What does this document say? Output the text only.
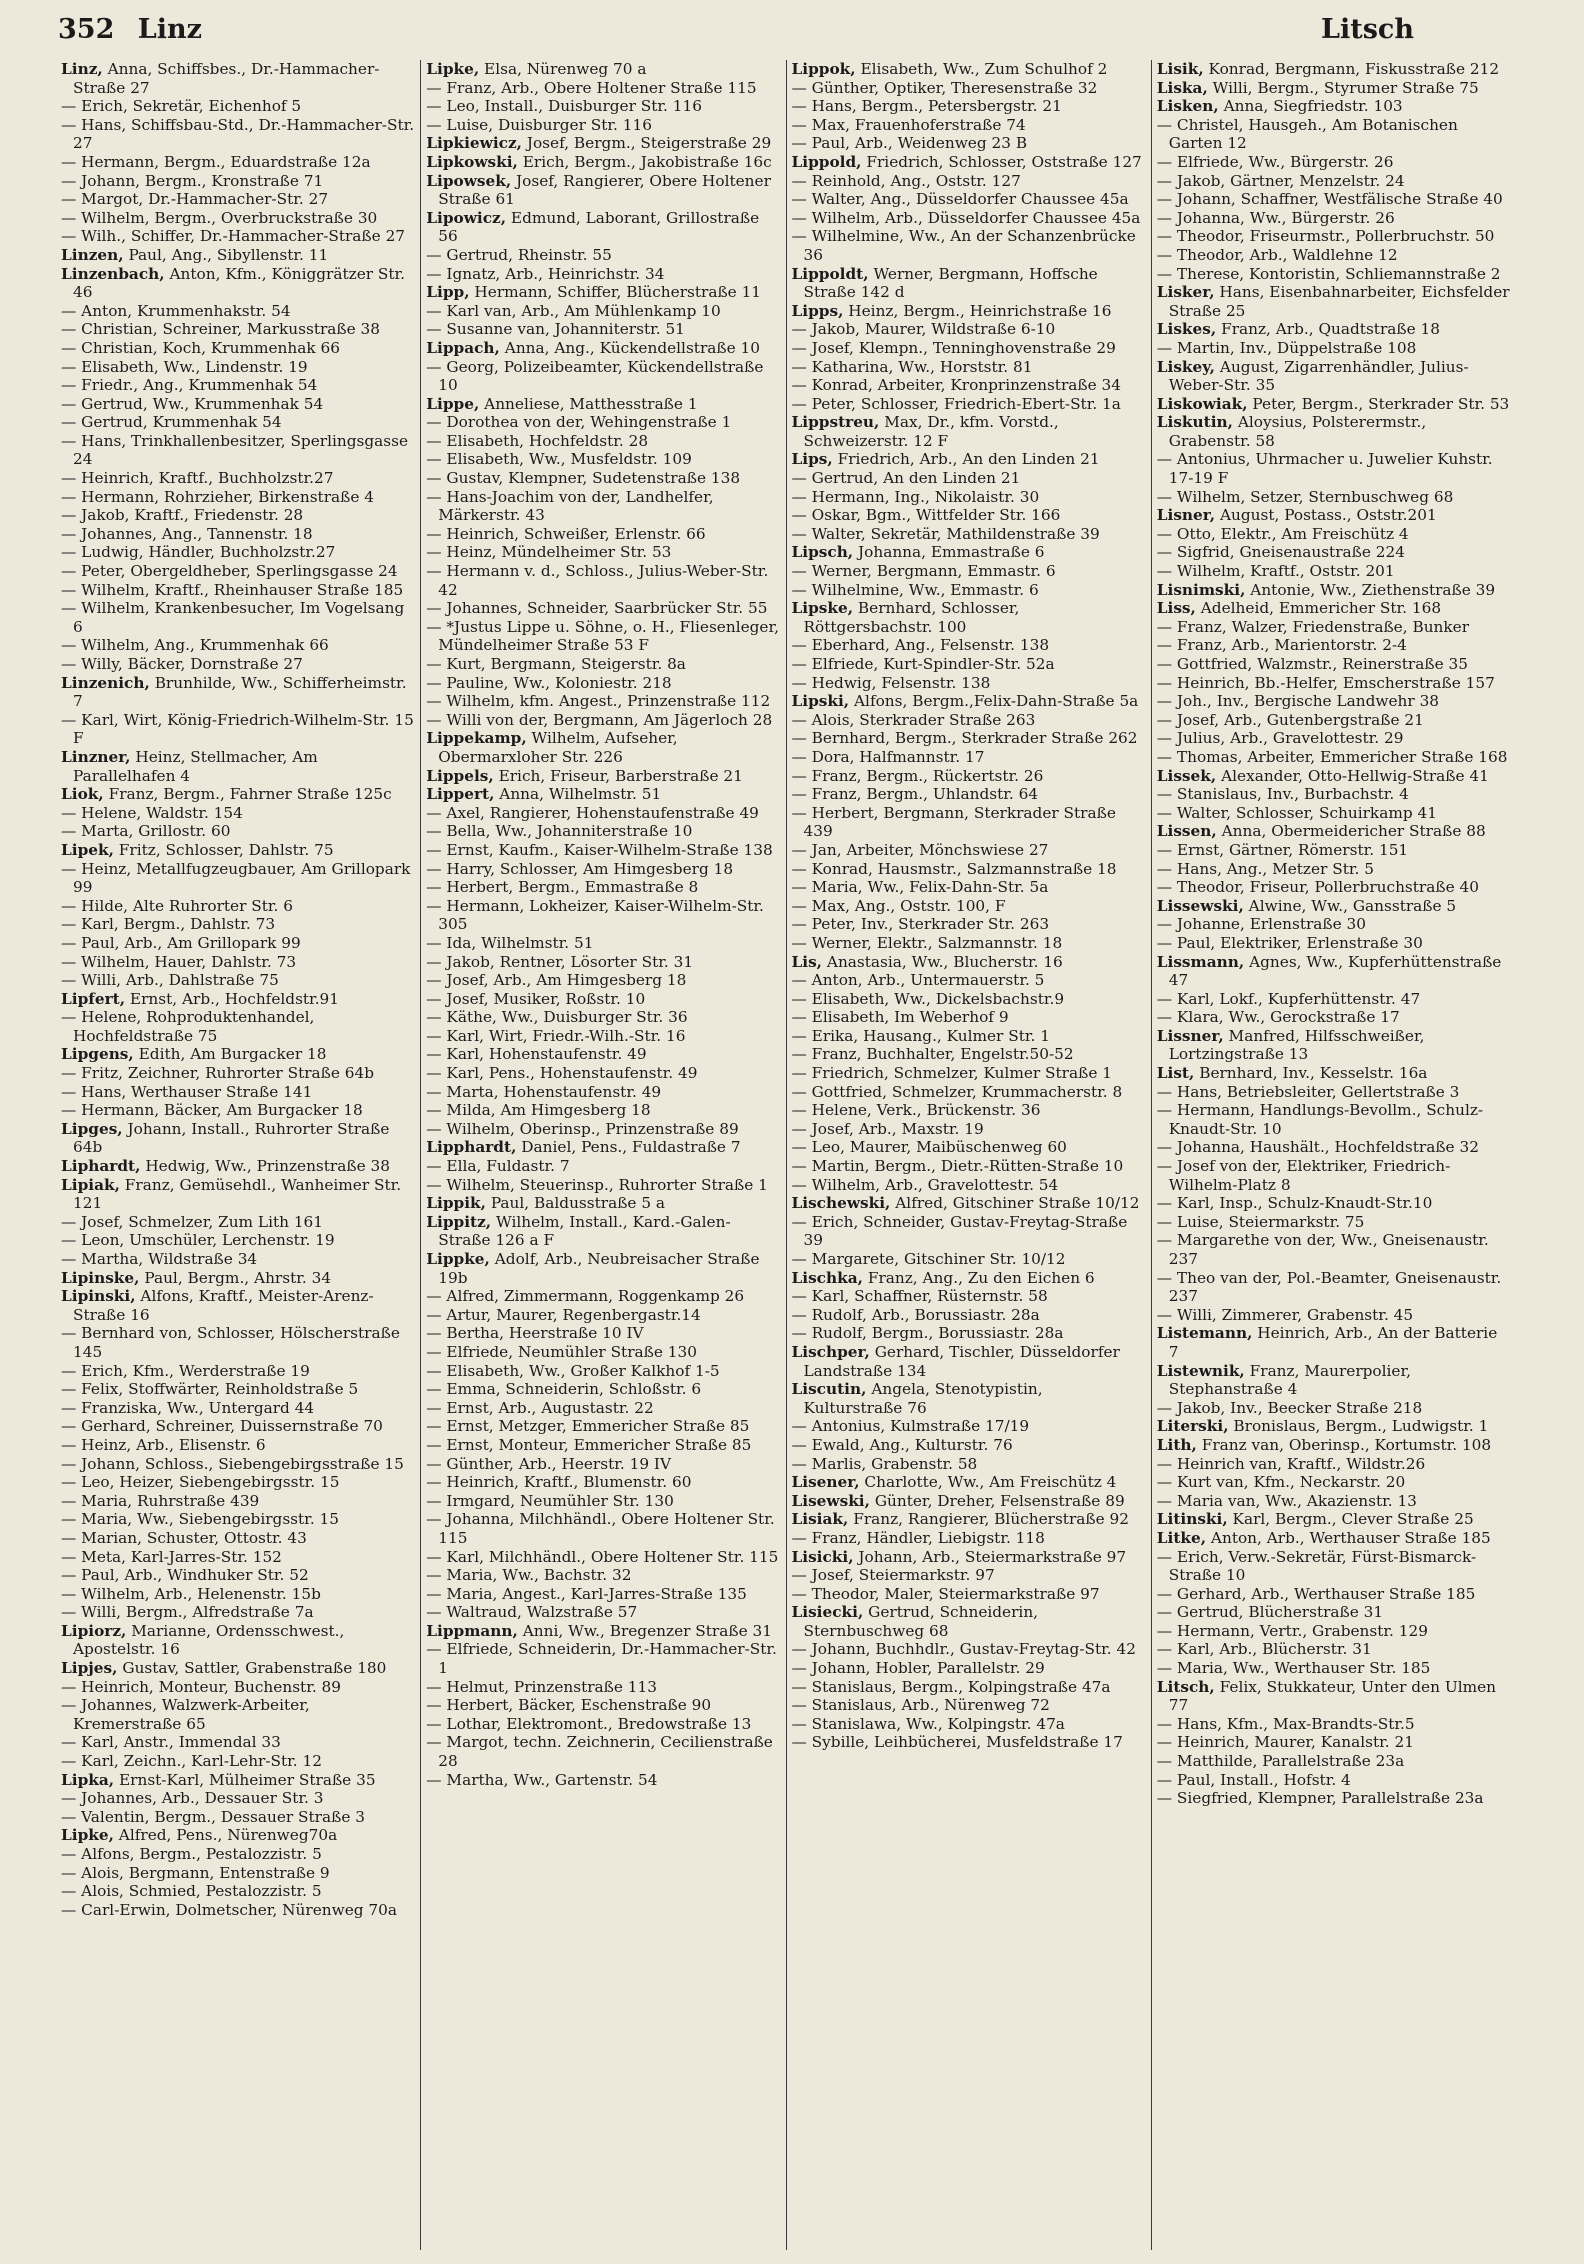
352 Linz	Litsch
Linz, Anna, Schiffsbes., Dr.-Hammacher-Straße 27
— Erich, Sekretär, Eichenhof 5
— Hans, Schiffsbau-Std., Dr.-Hammacher-Str. 27
— Hermann, Bergm., Eduardstraße 12a
— Johann, Bergm., Kronstraße 71
— Margot, Dr.-Hammacher-Str. 27
— Wilhelm, Bergm., Overbruckstraße 30
— Wilh., Schiffer, Dr.-Hammacher-Straße 27
Linzen, Paul, Ang., Sibyllenstr. 11
Linzenbach, Anton, Kfm., Königgrätzer Str. 46
— Anton, Krummenhakstr. 54
— Christian, Schreiner, Markusstraße 38
— Christian, Koch, Krummenhak 66
— Elisabeth, Ww., Lindenstr. 19
— Friedr., Ang., Krummenhak 54
— Gertrud, Ww., Krummenhak 54
— Gertrud, Krummenhak 54
— Hans, Trinkhallenbesitzer, Sperlingsgasse 24
— Heinrich, Kraftf., Buchholzstr.27
— Hermann, Rohrzieher, Birkenstraße 4
— Jakob, Kraftf., Friedenstr. 28
— Johannes, Ang., Tannenstr. 18
— Ludwig, Händler, Buchholzstr.27
— Peter, Obergeldheber, Sperlingsgasse 24
— Wilhelm, Kraftf., Rheinhauser Straße 185
— Wilhelm, Krankenbesucher, Im Vogelsang 6
— Wilhelm, Ang., Krummenhak 66
— Willy, Bäcker, Dornstraße 27
Linzenich, Brunhilde, Ww., Schifferheimstr. 7
— Karl, Wirt, König-Friedrich-Wilhelm-Str. 15 F
Linzner, Heinz, Stellmacher, Am Parallelhafen 4
Liok, Franz, Bergm., Fahrner Straße 125c
— Helene, Waldstr. 154
— Marta, Grillostr. 60
Lipek, Fritz, Schlosser, Dahlstr. 75
— Heinz, Metallfugzeugbauer, Am Grillopark 99
— Hilde, Alte Ruhrorter Str. 6
— Karl, Bergm., Dahlstr. 73
— Paul, Arb., Am Grillopark 99
— Wilhelm, Hauer, Dahlstr. 73
— Willi, Arb., Dahlstraße 75
Lipfert, Ernst, Arb., Hochfeldstr.91
— Helene, Rohproduktenhandel, Hochfeldstraße 75
Lipgens, Edith, Am Burgacker 18
— Fritz, Zeichner, Ruhrorter Straße 64b
— Hans, Werthauser Straße 141
— Hermann, Bäcker, Am Burgacker 18
Lipges, Johann, Install., Ruhrorter Straße 64b
Liphardt, Hedwig, Ww., Prinzenstraße 38
Lipiak, Franz, Gemüsehdl., Wanheimer Str. 121
— Josef, Schmelzer, Zum Lith 161
— Leon, Umschüler, Lerchenstr. 19
— Martha, Wildstraße 34
Lipinske, Paul, Bergm., Ahrstr. 34
Lipinski, Alfons, Kraftf., Meister-Arenz-Straße 16
— Bernhard von, Schlosser, Hölscherstraße 145
— Erich, Kfm., Werderstraße 19
— Felix, Stoffwärter, Reinholdstraße 5
— Franziska, Ww., Untergard 44
— Gerhard, Schreiner, Duissernstraße 70
— Heinz, Arb., Elisenstr. 6
— Johann, Schloss., Siebengebirgsstraße 15
— Leo, Heizer, Siebengebirgsstr. 15
— Maria, Ruhrstraße 439
— Maria, Ww., Siebengebirgsstr. 15
— Marian, Schuster, Ottostr. 43
— Meta, Karl-Jarres-Str. 152
— Paul, Arb., Windhuker Str. 52
— Wilhelm, Arb., Helenenstr. 15b
— Willi, Bergm., Alfredstraße 7a
Lipiorz, Marianne, Ordensschwest., Apostelstr. 16
Lipjes, Gustav, Sattler, Grabenstraße 180
— Heinrich, Monteur, Buchenstr. 89
— Johannes, Walzwerk-Arbeiter, Kremerstraße 65
— Karl, Anstr., Immendal 33
— Karl, Zeichn., Karl-Lehr-Str. 12
Lipka, Ernst-Karl, Mülheimer Straße 35
— Johannes, Arb., Dessauer Str. 3
— Valentin, Bergm., Dessauer Straße 3
Lipke, Alfred, Pens., Nürenweg70a
— Alfons, Bergm., Pestalozzistr. 5
— Alois, Bergmann, Entenstraße 9
— Alois, Schmied, Pestalozzistr. 5
— Carl-Erwin, Dolmetscher, Nürenweg 70a
Lipke, Elsa, Nürenweg 70 a
— Franz, Arb., Obere Holtener Straße 115
— Leo, Install., Duisburger Str. 116
— Luise, Duisburger Str. 116
Lipkiewicz, Josef, Bergm., Steigerstraße 29
Lipkowski, Erich, Bergm., Jakobistraße 16c
Lipowsek, Josef, Rangierer, Obere Holtener Straße 61
Lipowicz, Edmund, Laborant, Grillostraße 56
— Gertrud, Rheinstr. 55
— Ignatz, Arb., Heinrichstr. 34
Lipp, Hermann, Schiffer, Blücherstraße 11
— Karl van, Arb., Am Mühlenkamp 10
— Susanne van, Johanniterstr. 51
Lippach, Anna, Ang., Kückendellstraße 10
— Georg, Polizeibeamter, Kückendellstraße 10
Lippe, Anneliese, Matthesstraße 1
— Dorothea von der, Wehingenstraße 1
— Elisabeth, Hochfeldstr. 28
— Elisabeth, Ww., Musfeldstr. 109
— Gustav, Klempner, Sudetenstraße 138
— Hans-Joachim von der, Landhelfer, Märkerstr. 43
— Heinrich, Schweißer, Erlenstr. 66
— Heinz, Mündelheimer Str. 53
— Hermann v. d., Schloss., Julius-Weber-Str. 42
— Johannes, Schneider, Saarbrücker Str. 55
— *Justus Lippe u. Söhne, o. H., Fliesenleger, Mündelheimer Straße 53 F
— Kurt, Bergmann, Steigerstr. 8a
— Pauline, Ww., Koloniestr. 218
— Wilhelm, kfm. Angest., Prinzenstraße 112
— Willi von der, Bergmann, Am Jägerloch 28
Lippekamp, Wilhelm, Aufseher, Obermarxloher Str. 226
Lippels, Erich, Friseur, Barberstraße 21
Lippert, Anna, Wilhelmstr. 51
— Axel, Rangierer, Hohenstaufenstraße 49
— Bella, Ww., Johanniterstraße 10
— Ernst, Kaufm., Kaiser-Wilhelm-Straße 138
— Harry, Schlosser, Am Himgesberg 18
— Herbert, Bergm., Emmastraße 8
— Hermann, Lokheizer, Kaiser-Wilhelm-Str. 305
— Ida, Wilhelmstr. 51
— Jakob, Rentner, Lösorter Str. 31
— Josef, Arb., Am Himgesberg 18
— Josef, Musiker, Roßstr. 10
— Käthe, Ww., Duisburger Str. 36
— Karl, Wirt, Friedr.-Wilh.-Str. 16
— Karl, Hohenstaufenstr. 49
— Karl, Pens., Hohenstaufenstr. 49
— Marta, Hohenstaufenstr. 49
— Milda, Am Himgesberg 18
— Wilhelm, Oberinsp., Prinzenstraße 89
Lipphardt, Daniel, Pens., Fuldastraße 7
— Ella, Fuldastr. 7
— Wilhelm, Steuerinsp., Ruhrorter Straße 1
Lippik, Paul, Baldusstraße 5 a
Lippitz, Wilhelm, Install., Kard.-Galen-Straße 126 a F
Lippke, Adolf, Arb., Neubreisacher Straße 19b
— Alfred, Zimmermann, Roggenkamp 26
— Artur, Maurer, Regenbergastr.14
— Bertha, Heerstraße 10 IV
— Elfriede, Neumühler Straße 130
— Elisabeth, Ww., Großer Kalkhof 1-5
— Emma, Schneiderin, Schloßstr. 6
— Ernst, Arb., Augustastr. 22
— Ernst, Metzger, Emmericher Straße 85
— Ernst, Monteur, Emmericher Straße 85
— Günther, Arb., Heerstr. 19 IV
— Heinrich, Kraftf., Blumenstr. 60
— Irmgard, Neumühler Str. 130
— Johanna, Milchhändl., Obere Holtener Str. 115
— Karl, Milchhändl., Obere Holtener Str. 115
— Maria, Ww., Bachstr. 32
— Maria, Angest., Karl-Jarres-Straße 135
— Waltraud, Walzstraße 57
Lippmann, Anni, Ww., Bregenzer Straße 31
— Elfriede, Schneiderin, Dr.-Hammacher-Str. 1
— Helmut, Prinzenstraße 113
— Herbert, Bäcker, Eschenstraße 90
— Lothar, Elektromont., Bredowstraße 13
— Margot, techn. Zeichnerin, Cecilienstraße 28
— Martha, Ww., Gartenstr. 54
Lippok, Elisabeth, Ww., Zum Schulhof 2
— Günther, Optiker, Theresenstraße 32
— Hans, Bergm., Petersbergstr. 21
— Max, Frauenhoferstraße 74
— Paul, Arb., Weidenweg 23 B
Lippold, Friedrich, Schlosser, Oststraße 127
— Reinhold, Ang., Oststr. 127
— Walter, Ang., Düsseldorfer Chaussee 45a
— Wilhelm, Arb., Düsseldorfer Chaussee 45a
— Wilhelmine, Ww., An der Schanzenbrücke 36
Lippoldt, Werner, Bergmann, Hoffsche Straße 142 d
Lipps, Heinz, Bergm., Heinrichstraße 16
— Jakob, Maurer, Wildstraße 6-10
— Josef, Klempn., Tenninghovenstraße 29
— Katharina, Ww., Horststr. 81
— Konrad, Arbeiter, Kronprinzenstraße 34
— Peter, Schlosser, Friedrich-Ebert-Str. 1a
Lippstreu, Max, Dr., kfm. Vorstd., Schweizerstr. 12 F
Lips, Friedrich, Arb., An den Linden 21
— Gertrud, An den Linden 21
— Hermann, Ing., Nikolaistr. 30
— Oskar, Bgm., Wittfelder Str. 166
— Walter, Sekretär, Mathildenstraße 39
Lipsch, Johanna, Emmastraße 6
— Werner, Bergmann, Emmastr. 6
— Wilhelmine, Ww., Emmastr. 6
Lipske, Bernhard, Schlosser, Röttgersbachstr. 100
— Eberhard, Ang., Felsenstr. 138
— Elfriede, Kurt-Spindler-Str. 52a
— Hedwig, Felsenstr. 138
Lipski, Alfons, Bergm.,Felix-Dahn-Straße 5a
— Alois, Sterkrader Straße 263
— Bernhard, Bergm., Sterkrader Straße 262
— Dora, Halfmannstr. 17
— Franz, Bergm., Rückertstr. 26
— Franz, Bergm., Uhlandstr. 64
— Herbert, Bergmann, Sterkrader Straße 439
— Jan, Arbeiter, Mönchswiese 27
— Konrad, Hausmstr., Salzmannstraße 18
— Maria, Ww., Felix-Dahn-Str. 5a
— Max, Ang., Oststr. 100, F
— Peter, Inv., Sterkrader Str. 263
— Werner, Elektr., Salzmannstr. 18
Lis, Anastasia, Ww., Blucherstr. 16
— Anton, Arb., Untermauerstr. 5
— Elisabeth, Ww., Dickelsbachstr.9
— Elisabeth, Im Weberhof 9
— Erika, Hausang., Kulmer Str. 1
— Franz, Buchhalter, Engelstr.50-52
— Friedrich, Schmelzer, Kulmer Straße 1
— Gottfried, Schmelzer, Krummacherstr. 8
— Helene, Verk., Brückenstr. 36
— Josef, Arb., Maxstr. 19
— Leo, Maurer, Maibüschenweg 60
— Martin, Bergm., Dietr.-Rütten-Straße 10
— Wilhelm, Arb., Gravelottestr. 54
Lischewski, Alfred, Gitschiner Straße 10/12
— Erich, Schneider, Gustav-Freytag-Straße 39
— Margarete, Gitschiner Str. 10/12
Lischka, Franz, Ang., Zu den Eichen 6
— Karl, Schaffner, Rüsternstr. 58
— Rudolf, Arb., Borussiastr. 28a
— Rudolf, Bergm., Borussiastr. 28a
Lischper, Gerhard, Tischler, Düsseldorfer Landstraße 134
Liscutin, Angela, Stenotypistin, Kulturstraße 76
— Antonius, Kulmstraße 17/19
— Ewald, Ang., Kulturstr. 76
— Marlis, Grabenstr. 58
Lisener, Charlotte, Ww., Am Freischütz 4
Lisewski, Günter, Dreher, Felsenstraße 89
Lisiak, Franz, Rangierer, Blücherstraße 92
— Franz, Händler, Liebigstr. 118
Lisicki, Johann, Arb., Steiermarkstraße 97
— Josef, Steiermarkstr. 97
— Theodor, Maler, Steiermarkstraße 97
Lisiecki, Gertrud, Schneiderin, Sternbuschweg 68
— Johann, Buchhdlr., Gustav-Freytag-Str. 42
— Johann, Hobler, Parallelstr. 29
— Stanislaus, Bergm., Kolpingstraße 47a
— Stanislaus, Arb., Nürenweg 72
— Stanislawa, Ww., Kolpingstr. 47a
— Sybille, Leihbücherei, Musfeldstraße 17
Lisik, Konrad, Bergmann, Fiskusstraße 212
Liska, Willi, Bergm., Styrumer Straße 75
Lisken, Anna, Siegfriedstr. 103
— Christel, Hausgeh., Am Botanischen Garten 12
— Elfriede, Ww., Bürgerstr. 26
— Jakob, Gärtner, Menzelstr. 24
— Johann, Schaffner, Westfälische Straße 40
— Johanna, Ww., Bürgerstr. 26
— Theodor, Friseurmstr., Pollerbruchstr. 50
— Theodor, Arb., Waldlehne 12
— Therese, Kontoristin, Schliemannstraße 2
Lisker, Hans, Eisenbahnarbeiter, Eichsfelder Straße 25
Liskes, Franz, Arb., Quadtstraße 18
— Martin, Inv., Düppelstraße 108
Liskey, August, Zigarrenhändler, Julius-Weber-Str. 35
Liskowiak, Peter, Bergm., Sterkrader Str. 53
Liskutin, Aloysius, Polsterermstr., Grabenstr. 58
— Antonius, Uhrmacher u. Juwelier Kuhstr. 17-19 F
— Wilhelm, Setzer, Sternbuschweg 68
Lisner, August, Postass., Oststr.201
— Otto, Elektr., Am Freischütz 4
— Sigfrid, Gneisenaustraße 224
— Wilhelm, Kraftf., Oststr. 201
Lisnimski, Antonie, Ww., Ziethenstraße 39
Liss, Adelheid, Emmericher Str. 168
— Franz, Walzer, Friedenstraße, Bunker
— Franz, Arb., Marientorstr. 2-4
— Gottfried, Walzmstr., Reinerstraße 35
— Heinrich, Bb.-Helfer, Emscherstraße 157
— Joh., Inv., Bergische Landwehr 38
— Josef, Arb., Gutenbergstraße 21
— Julius, Arb., Gravelottestr. 29
— Thomas, Arbeiter, Emmericher Straße 168
Lissek, Alexander, Otto-Hellwig-Straße 41
— Stanislaus, Inv., Burbachstr. 4
— Walter, Schlosser, Schuirkamp 41
Lissen, Anna, Obermeidericher Straße 88
— Ernst, Gärtner, Römerstr. 151
— Hans, Ang., Metzer Str. 5
— Theodor, Friseur, Pollerbruchstraße 40
Lissewski, Alwine, Ww., Gansstraße 5
— Johanne, Erlenstraße 30
— Paul, Elektriker, Erlenstraße 30
Lissmann, Agnes, Ww., Kupferhüttenstraße 47
— Karl, Lokf., Kupferhüttenstr. 47
— Klara, Ww., Gerockstraße 17
Lissner, Manfred, Hilfsschweißer, Lortzingstraße 13
List, Bernhard, Inv., Kesselstr. 16a
— Hans, Betriebsleiter, Gellertstraße 3
— Hermann, Handlungs-Bevollm., Schulz-Knaudt-Str. 10
— Johanna, Haushält., Hochfeldstraße 32
— Josef von der, Elektriker, Friedrich-Wilhelm-Platz 8
— Karl, Insp., Schulz-Knaudt-Str.10
— Luise, Steiermarkstr. 75
— Margarethe von der, Ww., Gneisenaustr. 237
— Theo van der, Pol.-Beamter, Gneisenaustr. 237
— Willi, Zimmerer, Grabenstr. 45
Listemann, Heinrich, Arb., An der Batterie 7
Listewnik, Franz, Maurerpolier, Stephanstraße 4
— Jakob, Inv., Beecker Straße 218
Literski, Bronislaus, Bergm., Ludwigstr. 1
Lith, Franz van, Oberinsp., Kortumstr. 108
— Heinrich van, Kraftf., Wildstr.26
— Kurt van, Kfm., Neckarstr. 20
— Maria van, Ww., Akazienstr. 13
Litinski, Karl, Bergm., Clever Straße 25
Litke, Anton, Arb., Werthauser Straße 185
— Erich, Verw.-Sekretär, Fürst-Bismarck-Straße 10
— Gerhard, Arb., Werthauser Straße 185
— Gertrud, Blücherstraße 31
— Hermann, Vertr., Grabenstr. 129
— Karl, Arb., Blücherstr. 31
— Maria, Ww., Werthauser Str. 185
Litsch, Felix, Stukkateur, Unter den Ulmen 77
— Hans, Kfm., Max-Brandts-Str.5
— Heinrich, Maurer, Kanalstr. 21
— Matthilde, Parallelstraße 23a
— Paul, Install., Hofstr. 4
— Siegfried, Klempner, Parallelstraße 23a
